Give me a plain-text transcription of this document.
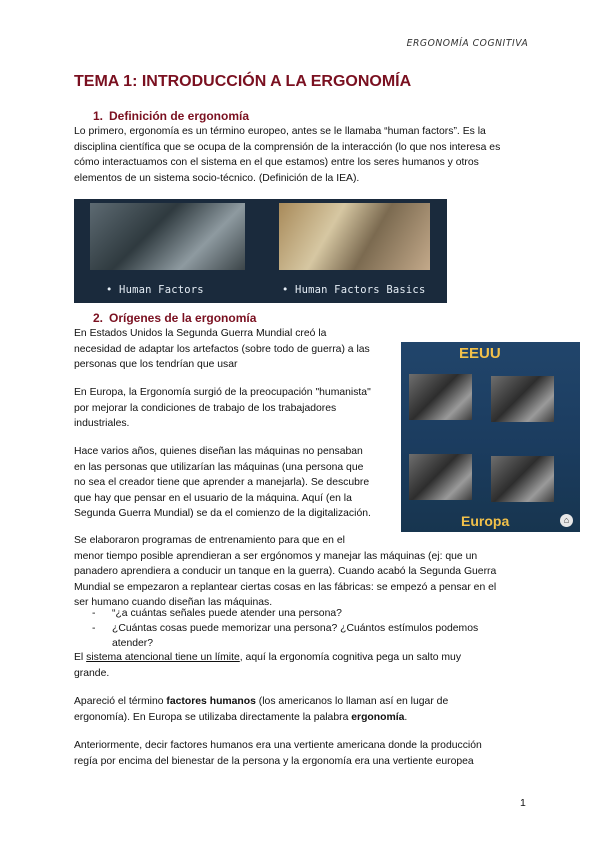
ERGONOMÍA COGNITIVA
TEMA 1: INTRODUCCIÓN A LA ERGONOMÍA
1. Definición de ergonomía
Lo primero, ergonomía es un término europeo, antes se le llamaba “human factors”. Es la
disciplina científica que se ocupa de la comprensión de la interacción (lo que nos interesa es
cómo interactuamos con el sistema en el que estamos) entre los seres humanos y otros
elementos de un sistema socio-técnico. (Definición de la IEA).
• Human Factors	• Human Factors Basics
2. Orígenes de la ergonomía
En Estados Unidos la Segunda Guerra Mundial creó la
necesidad de adaptar los artefactos (sobre todo de guerra) a las
personas que los tendrían que usar
En Europa, la Ergonomía surgió de la preocupación "humanista"
por mejorar la condiciones de trabajo de los trabajadores
industriales.
Hace varios años, quienes diseñan las máquinas no pensaban
en las personas que utilizarían las máquinas (una persona que
no sea el creador tiene que aprender a manejarla). Se descubre
que hay que pensar en el usuario de la máquina. Aquí (en la
Segunda Guerra Mundial) se da el comienzo de la digitalización.
EEUU
Europa	⌂
Se elaboraron programas de entrenamiento para que en el
menor tiempo posible aprendieran a ser ergónomos y manejar las máquinas (ej: que un
panadero aprendiera a conducir un tanque en la guerra). Cuando acabó la Segunda Guerra
Mundial se empezaron a replantear ciertas cosas en las fábricas: se empezó a pensar en el
ser humano cuando diseñan las máquinas.
- “¿a cuántas señales puede atender una persona?
- ¿Cuántas cosas puede memorizar una persona? ¿Cuántos estímulos podemos
atender?
El sistema atencional tiene un límite, aquí la ergonomía cognitiva pega un salto muy
grande.
Apareció el término factores humanos (los americanos lo llaman así en lugar de
ergonomía). En Europa se utilizaba directamente la palabra ergonomía.
Anteriormente, decir factores humanos era una vertiente americana donde la producción
regía por encima del bienestar de la persona y la ergonomía era una vertiente europea
1
